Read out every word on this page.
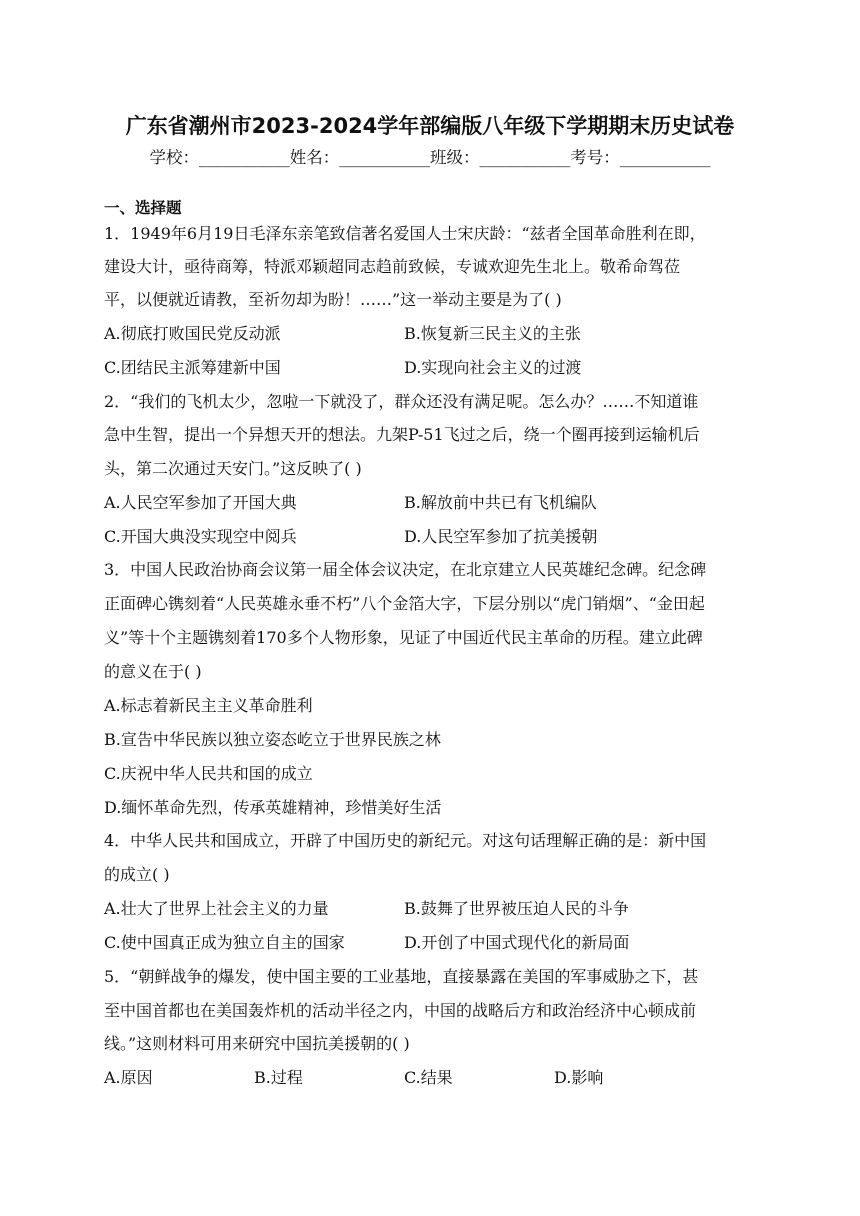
广东省潮州市2023-2024学年部编版八年级下学期期末历史试卷
学校：___________姓名：___________班级：___________考号：___________
一、选择题
1．1949年6月19日毛泽东亲笔致信著名爱国人士宋庆龄：“兹者全国革命胜利在即，
建设大计，亟待商筹，特派邓颖超同志趋前致候，专诚欢迎先生北上。敬希命驾莅
平，以便就近请教，至祈勿却为盼！……”这一举动主要是为了( )
A.彻底打败国民党反动派	B.恢复新三民主义的主张
C.团结民主派筹建新中国	D.实现向社会主义的过渡
2．“我们的飞机太少，忽啦一下就没了，群众还没有满足呢。怎么办？……不知道谁
急中生智，提出一个异想天开的想法。九架P-51飞过之后，绕一个圈再接到运输机后
头，第二次通过天安门。”这反映了( )
A.人民空军参加了开国大典	B.解放前中共已有飞机编队
C.开国大典没实现空中阅兵	D.人民空军参加了抗美援朝
3．中国人民政治协商会议第一届全体会议决定，在北京建立人民英雄纪念碑。纪念碑
正面碑心镌刻着“人民英雄永垂不朽”八个金箔大字，下层分别以“虎门销烟”、“金田起
义”等十个主题镌刻着170多个人物形象，见证了中国近代民主革命的历程。建立此碑
的意义在于( )
A.标志着新民主主义革命胜利
B.宣告中华民族以独立姿态屹立于世界民族之林
C.庆祝中华人民共和国的成立
D.缅怀革命先烈，传承英雄精神，珍惜美好生活
4．中华人民共和国成立，开辟了中国历史的新纪元。对这句话理解正确的是：新中国
的成立( )
A.壮大了世界上社会主义的力量	B.鼓舞了世界被压迫人民的斗争
C.使中国真正成为独立自主的国家	D.开创了中国式现代化的新局面
5．“朝鲜战争的爆发，使中国主要的工业基地，直接暴露在美国的军事威胁之下，甚
至中国首都也在美国轰炸机的活动半径之内，中国的战略后方和政治经济中心顿成前
线。”这则材料可用来研究中国抗美援朝的( )
A.原因	B.过程	C.结果	D.影响
